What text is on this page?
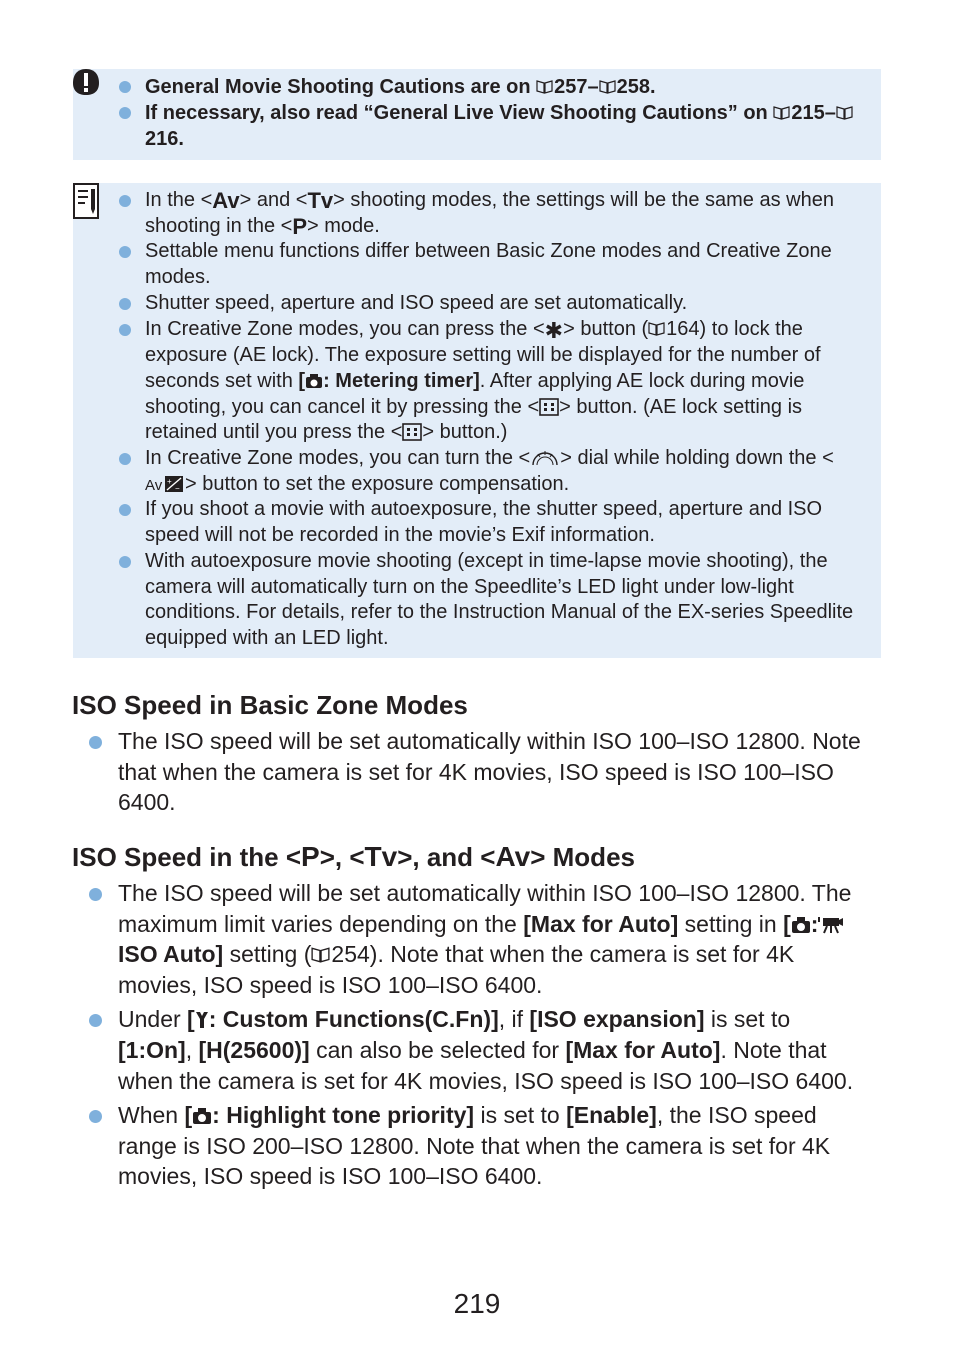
General Movie Shooting Cautions are on 257– 258.
If necessary, also read “General Live View Shooting Cautions” on 215–216.
In the <Av> and <Tv> shooting modes, the settings will be the same as when shooting in the <P> mode.
Settable menu functions differ between Basic Zone modes and Creative Zone modes.
Shutter speed, aperture and ISO speed are set automatically.
In Creative Zone modes, you can press the <✱> button ( 164) to lock the exposure (AE lock). The exposure setting will be displayed for the number of seconds set with [ : Metering timer]. After applying AE lock during movie shooting, you can cancel it by pressing the < > button. (AE lock setting is retained until you press the < > button.)
In Creative Zone modes, you can turn the < > dial while holding down the <
Av +
− > button to set the exposure compensation.
If you shoot a movie with autoexposure, the shutter speed, aperture and ISO speed will not be recorded in the movie’s Exif information.
With autoexposure movie shooting (except in time-lapse movie shooting), the camera will automatically turn on the Speedlite’s LED light under low-light conditions. For details, refer to the Instruction Manual of the EX-series Speedlite equipped with an LED light.
ISO Speed in Basic Zone Modes
The ISO speed will be set automatically within ISO 100–ISO 12800. Note that when the camera is set for 4K movies, ISO speed is ISO 100–ISO 6400.
ISO Speed in the <P>, <Tv>, and <Av> Modes
The ISO speed will be set automatically within ISO 100–ISO 12800. The maximum limit varies depending on the [Max for Auto] setting in [ :ISO Auto] setting ( 254). Note that when the camera is set for 4K movies, ISO speed is ISO 100–ISO 6400.
Under [ : Custom Functions(C.Fn)], if [ISO expansion] is set to [1:On], [H(25600)] can also be selected for [Max for Auto]. Note that when the camera is set for 4K movies, ISO speed is ISO 100–ISO 6400.
When [ : Highlight tone priority] is set to [Enable], the ISO speed range is ISO 200–ISO 12800. Note that when the camera is set for 4K movies, ISO speed is ISO 100–ISO 6400.
219
